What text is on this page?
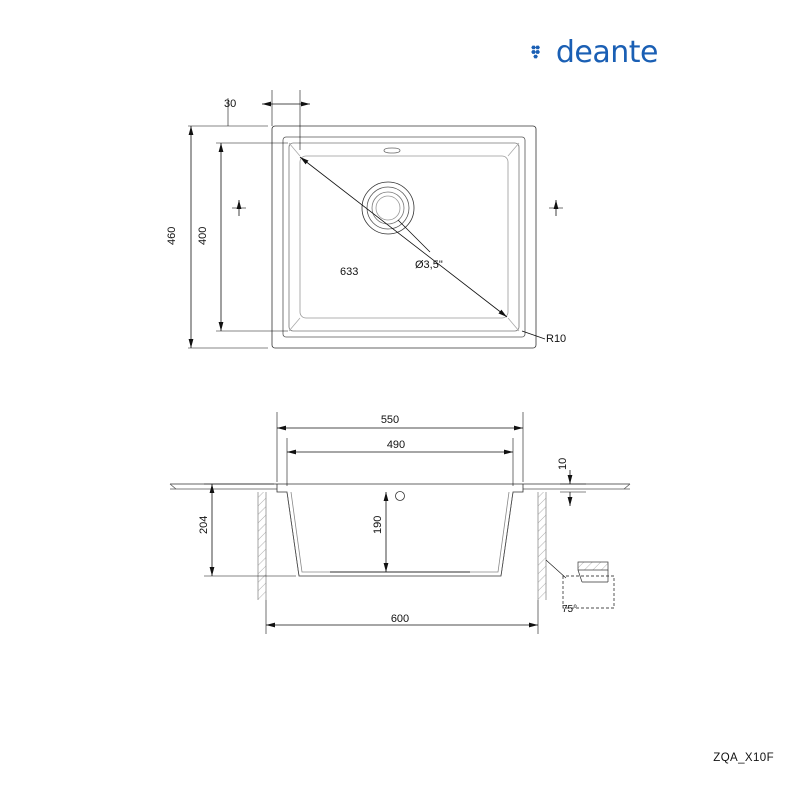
deante
633
Ø3,5"
R10
30
460 400
550
490
10
204	190
600
75°
ZQA_X10F
